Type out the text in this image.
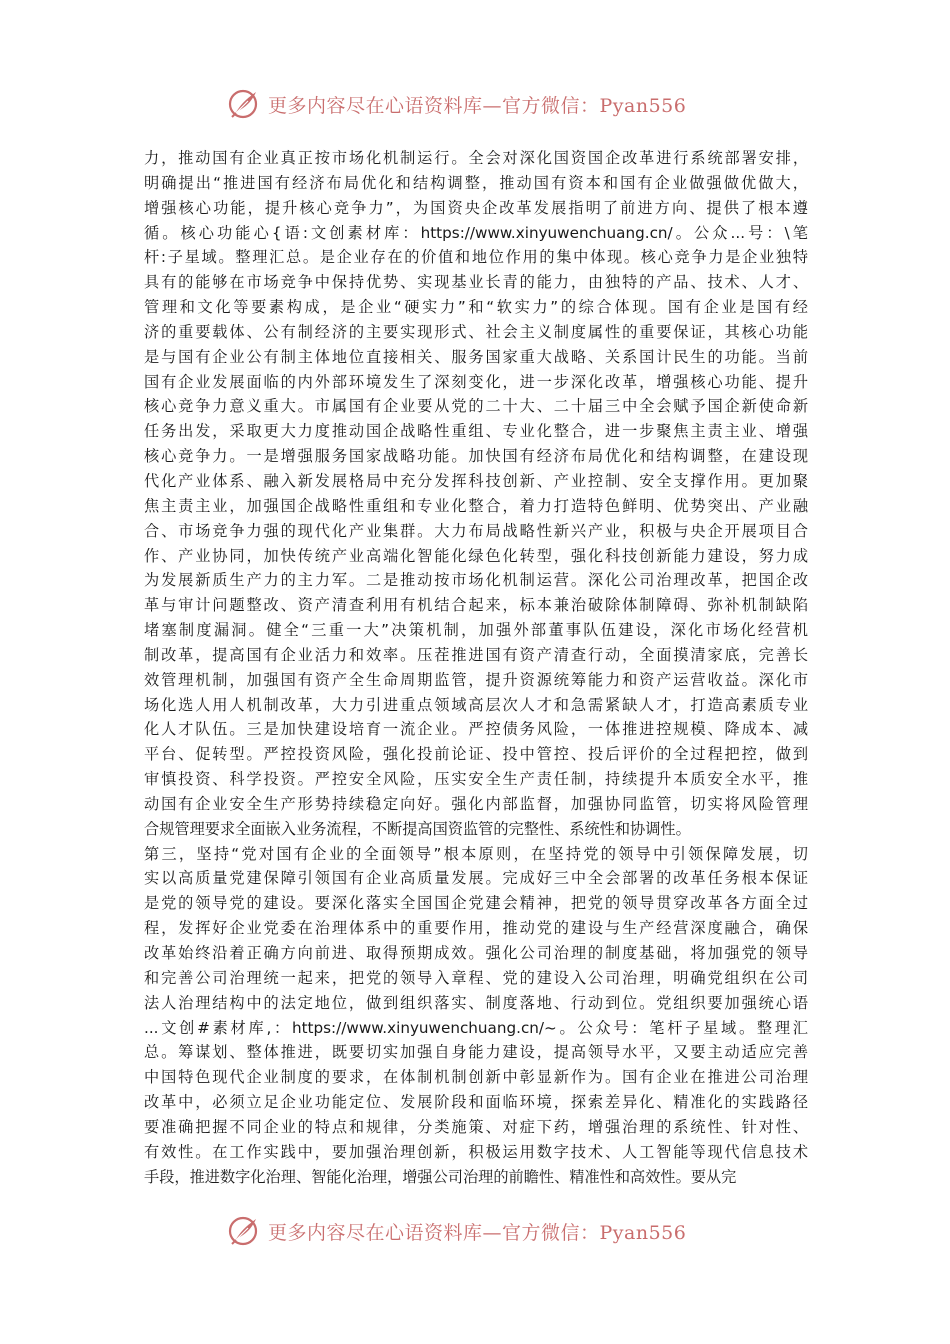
更多内容尽在心语资料库—官方微信：Pyan556
力，推动国有企业真正按市场化机制运行。全会对深化国资国企改革进行系统部署安排，
明确提出“推进国有经济布局优化和结构调整，推动国有资本和国有企业做强做优做大，
增强核心功能，提升核心竞争力”，为国资央企改革发展指明了前进方向、提供了根本遵
循。核心功能心{语:文创素材库：https://www.xinyuwenchuang.cn/。公众...号：\笔
杆:子星域。整理汇总。是企业存在的价值和地位作用的集中体现。核心竞争力是企业独特
具有的能够在市场竞争中保持优势、实现基业长青的能力，由独特的产品、技术、人才、
管理和文化等要素构成，是企业“硬实力”和“软实力”的综合体现。国有企业是国有经
济的重要载体、公有制经济的主要实现形式、社会主义制度属性的重要保证，其核心功能
是与国有企业公有制主体地位直接相关、服务国家重大战略、关系国计民生的功能。当前
国有企业发展面临的内外部环境发生了深刻变化，进一步深化改革，增强核心功能、提升
核心竞争力意义重大。市属国有企业要从党的二十大、二十届三中全会赋予国企新使命新
任务出发，采取更大力度推动国企战略性重组、专业化整合，进一步聚焦主责主业、增强
核心竞争力。一是增强服务国家战略功能。加快国有经济布局优化和结构调整，在建设现
代化产业体系、融入新发展格局中充分发挥科技创新、产业控制、安全支撑作用。更加聚
焦主责主业，加强国企战略性重组和专业化整合，着力打造特色鲜明、优势突出、产业融
合、市场竞争力强的现代化产业集群。大力布局战略性新兴产业，积极与央企开展项目合
作、产业协同，加快传统产业高端化智能化绿色化转型，强化科技创新能力建设，努力成
为发展新质生产力的主力军。二是推动按市场化机制运营。深化公司治理改革，把国企改
革与审计问题整改、资产清查利用有机结合起来，标本兼治破除体制障碍、弥补机制缺陷
堵塞制度漏洞。健全“三重一大”决策机制，加强外部董事队伍建设，深化市场化经营机
制改革，提高国有企业活力和效率。压茬推进国有资产清查行动，全面摸清家底，完善长
效管理机制，加强国有资产全生命周期监管，提升资源统筹能力和资产运营收益。深化市
场化选人用人机制改革，大力引进重点领域高层次人才和急需紧缺人才，打造高素质专业
化人才队伍。三是加快建设培育一流企业。严控债务风险，一体推进控规模、降成本、减
平台、促转型。严控投资风险，强化投前论证、投中管控、投后评价的全过程把控，做到
审慎投资、科学投资。严控安全风险，压实安全生产责任制，持续提升本质安全水平，推
动国有企业安全生产形势持续稳定向好。强化内部监督，加强协同监管，切实将风险管理
合规管理要求全面嵌入业务流程，不断提高国资监管的完整性、系统性和协调性。
第三，坚持“党对国有企业的全面领导”根本原则，在坚持党的领导中引领保障发展，切
实以高质量党建保障引领国有企业高质量发展。完成好三中全会部署的改革任务根本保证
是党的领导党的建设。要深化落实全国国企党建会精神，把党的领导贯穿改革各方面全过
程，发挥好企业党委在治理体系中的重要作用，推动党的建设与生产经营深度融合，确保
改革始终沿着正确方向前进、取得预期成效。强化公司治理的制度基础，将加强党的领导
和完善公司治理统一起来，把党的领导入章程、党的建设入公司治理，明确党组织在公司
法人治理结构中的法定地位，做到组织落实、制度落地、行动到位。党组织要加强统心语
...文创#素材库,：https://www.xinyuwenchuang.cn/~。公众号：笔杆子星域。整理汇
总。筹谋划、整体推进，既要切实加强自身能力建设，提高领导水平，又要主动适应完善
中国特色现代企业制度的要求，在体制机制创新中彰显新作为。国有企业在推进公司治理
改革中，必须立足企业功能定位、发展阶段和面临环境，探索差异化、精准化的实践路径
要准确把握不同企业的特点和规律，分类施策、对症下药，增强治理的系统性、针对性、
有效性。在工作实践中，要加强治理创新，积极运用数字技术、人工智能等现代信息技术
手段，推进数字化治理、智能化治理，增强公司治理的前瞻性、精准性和高效性。要从完
更多内容尽在心语资料库—官方微信：Pyan556
